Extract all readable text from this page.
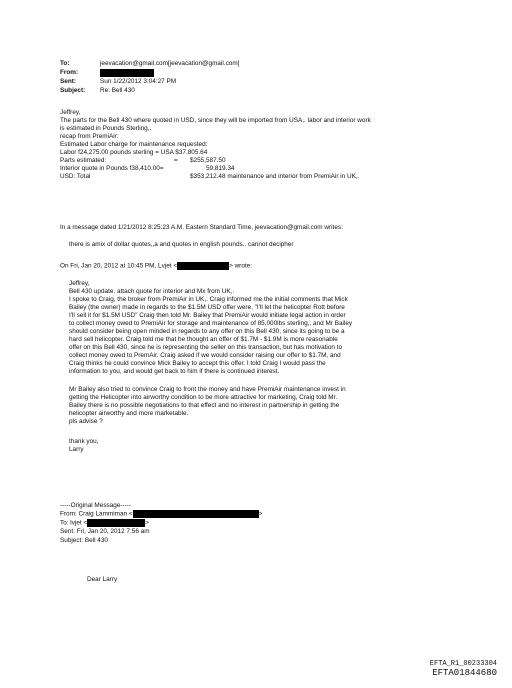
To:	jeevacation@gmail.com[jeevacation@gmail.com]
From:
Sent:	Sun 1/22/2012 3:04:27 PM
Subject: Re: Bell 430
Jeffrey,
The parts for the Bell 430 where quoted in USD, since they will be imported from USA,. labor and interior work
is estimated in Pounds Sterling,.
recap from PremiAir:
Estimated Labor charge for maintenance requested:
Labor f24,275.00 pounds sterling = USA $37,805.64
Parts estimated:	= $255,587.50
Interior quote in Pounds f38,410.00=	59,819.34
USD: Total	$353,212.48 maintenance and interior from PremiAir in UK,.
In a message dated 1/21/2012 8:25:23 A.M. Eastern Standard Time, jeevacation@gmail.com writes:
there is amix of dollar quotes,,a and quotes in english pounds.. cannot decipher
On Fri, Jan 20, 2012 at 10:45 PM, Lvjet <	> wrote:
Jeffrey,
Bell 430 update, attach quote for interior and Mx from UK,.
I spoke to Craig, the broker from PremiAir in UK,. Craig informed me the initial comments that Mick
Bailey (the owner) made in regards to the $1.5M USD offer were, "I'll let the helicopter Rott before
I'll sell it for $1.5M USD" Craig then told Mr. Bailey that PremiAir would initiate legal action in order
to collect money owed to PremiAir for storage and maintenance of 85,000lbs sterling,, and Mr Bailey
should consider being open minded in regards to any offer on this Bell 430, since its going to be a
hard sell helicopter. Craig told me that he thought an offer of $1.7M - $1.9M is more reasonable
offer on this Bell 430, since he is representing the seller on this transaction, but has motivation to
collect money owed to PremAir. Craig asked if we would consider raising our offer to $1.7M, and
Craig thinks he could convince Mick Bailey to accept this offer. I told Craig I would pass the
information to you, and would get back to him if there is continued interest.
Mr Bailey also tried to convince Craig to front the money and have PremiAir maintenance invest in
getting the Helicopter into airworthy condition to be more attractive for marketing, Craig told Mr.
Bailey there is no possible negotiations to that effect and no interest in partnership in getting the
helicopter airworthy and more marketable.
pls advise ?
thank you,
Larry
-----Original Message-----
From: Craig Lammiman <	>
To: lvjet <	>
Sent: Fri, Jan 20, 2012 7:56 am
Subject: Bell 430
Dear Larry
EFTA_R1_00233304
EFTA01844680
